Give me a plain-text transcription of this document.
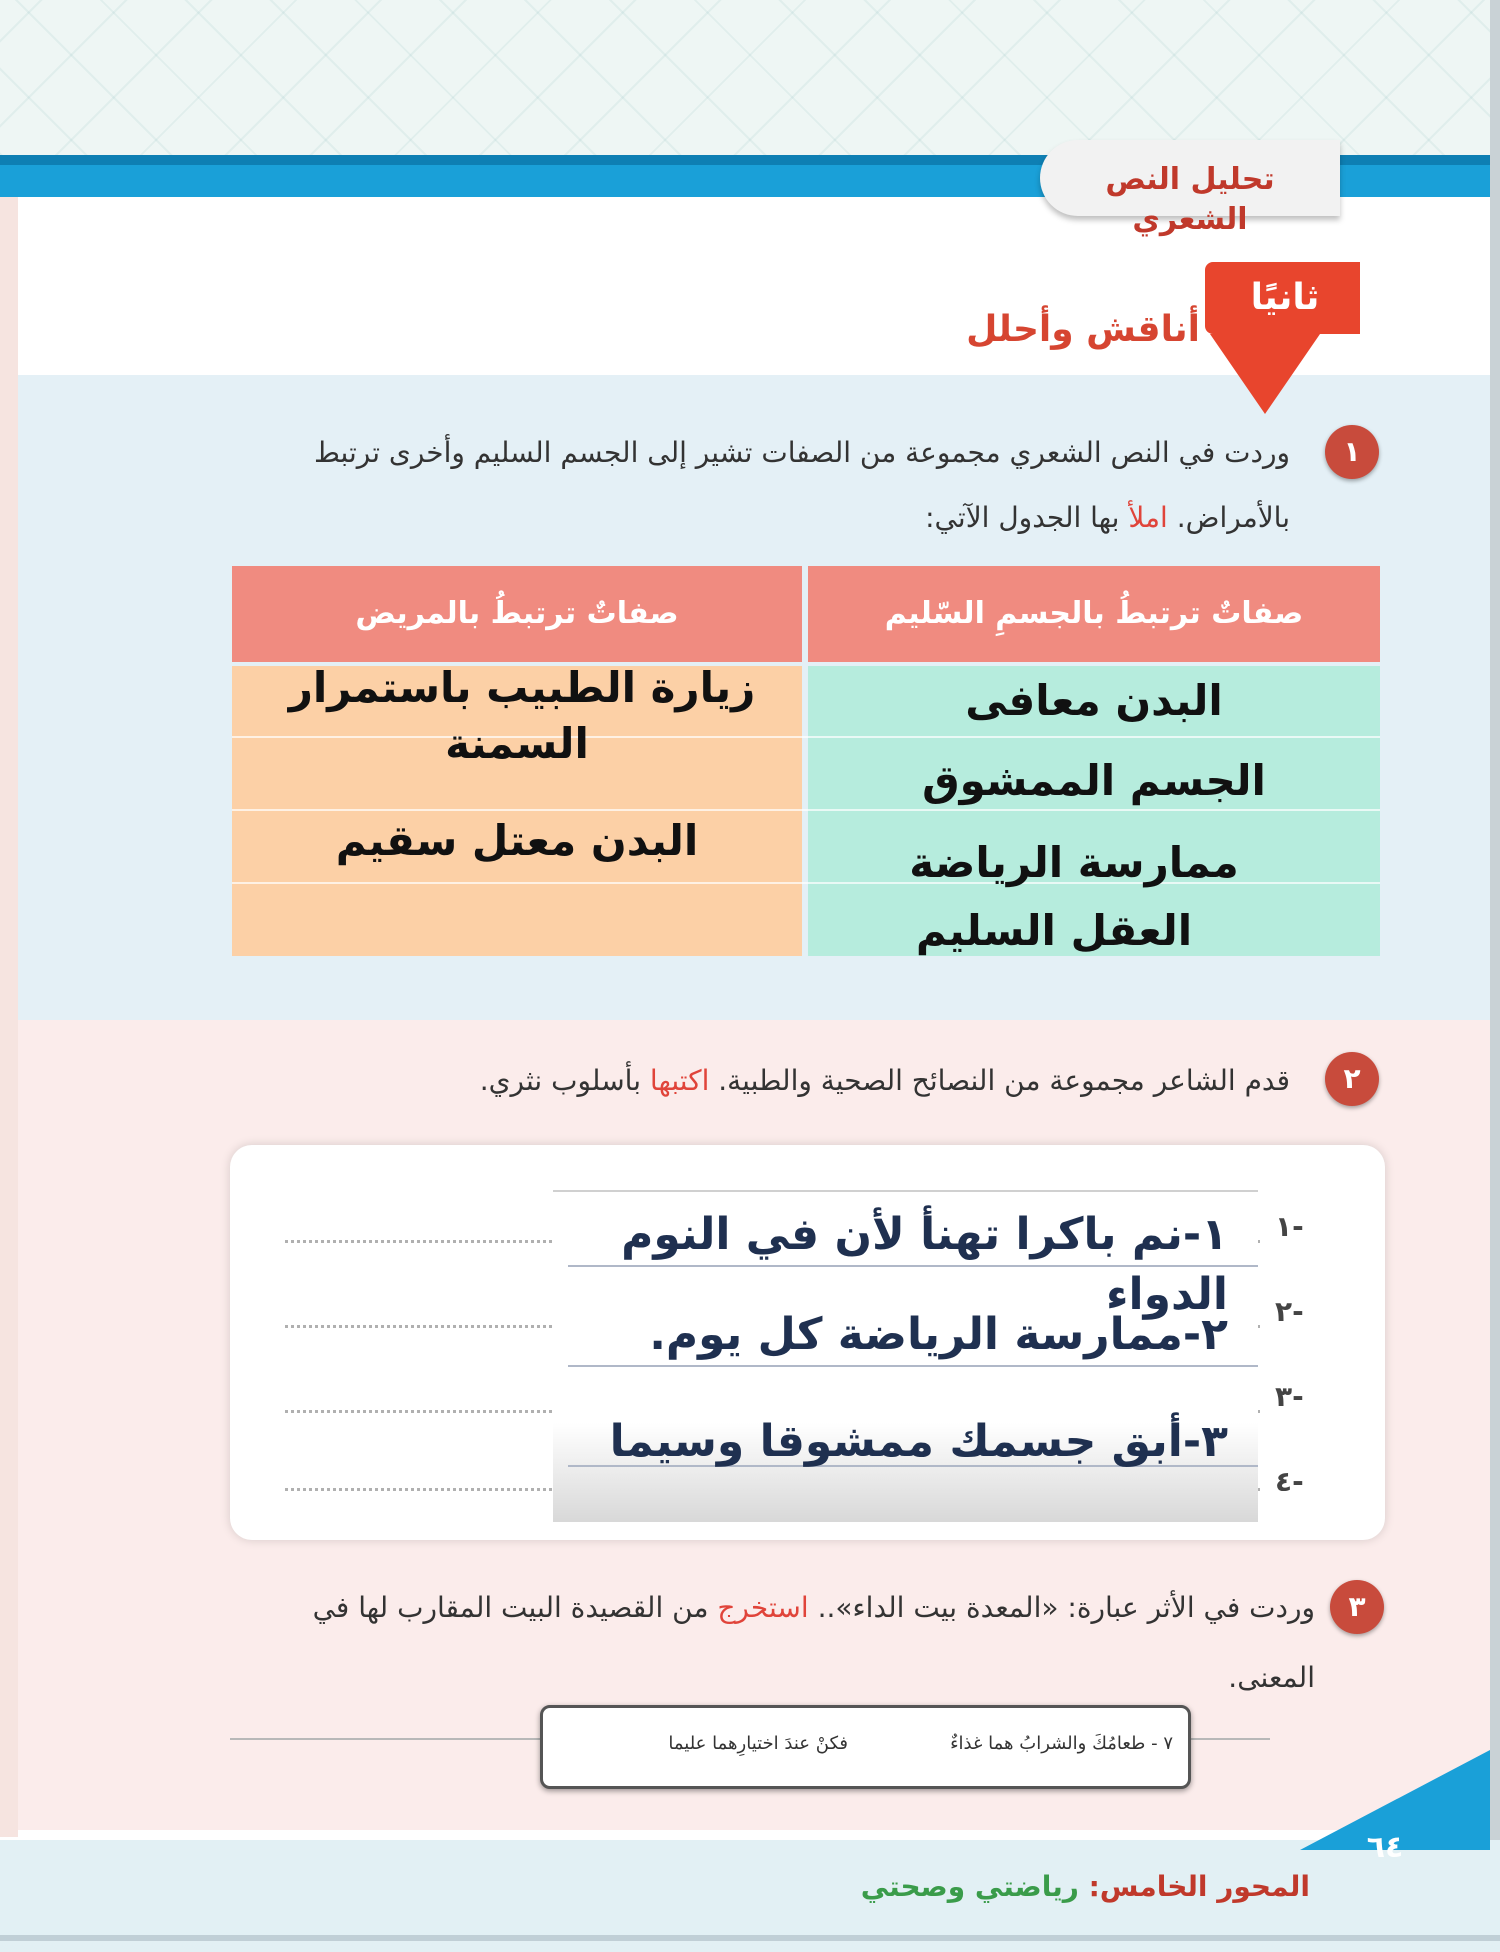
تحليل النص الشعري
ثانيًا
أناقش وأحلل
١
وردت في النص الشعري مجموعة من الصفات تشير إلى الجسم السليم وأخرى ترتبط
بالأمراض. املأ بها الجدول الآتي:
صفاتٌ ترتبطُ بالجسمِ السّليم
صفاتٌ ترتبطُ بالمريض
البدن معافى
الجسم الممشوق
ممارسة الرياضة
العقل السليم
زيارة الطبيب باستمرار
السمنة
البدن معتل سقيم
٢
قدم الشاعر مجموعة من النصائح الصحية والطبية. اكتبها بأسلوب نثري.
١-
٢-
٣-
٤-
١-نم باكرا تهنأ لأن في النوم الدواء
٢-ممارسة الرياضة كل يوم.
٣-أبق جسمك ممشوقا وسيما
٣
وردت في الأثر عبارة: «المعدة بيت الداء».. استخرج من القصيدة البيت المقارب لها في
المعنى.
٧ - طعامُكَ والشرابُ هما غذاءٌ
فكنْ عندَ اختيارِهما عليما
٦٤
المحور الخامس: رياضتي وصحتي
